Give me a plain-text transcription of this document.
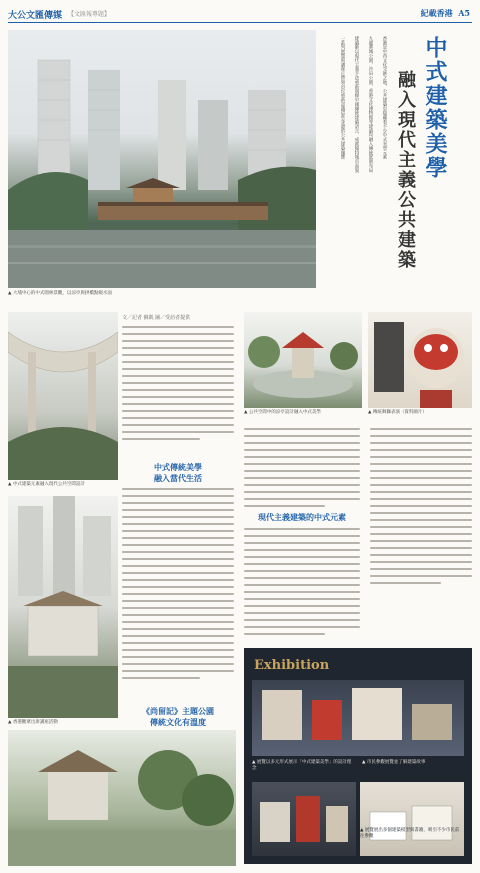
大公文匯傳媒 【文匯報專題】	紀載香港 A5
▲ 大埔中心的中式園林景觀，以涼亭與拱橋點綴水面
中式建築美學
融入現代主義公共建築
香港是中西文化交匯之地，公共建築中隱藏着不少中式美學元素
九龍寨城公園、沙田公園、香港文化博物館等建築均融入傳統庭園布局
建築師以現代主義手法重新演繹中國傳統建築語言，成就獨特城市面貌
一系列展覽與講座正帶領市民重新認識這些身邊的公共建築瑰寶
▲ 中式建築元素融入現代公共空間設計
▲ 香港觀眾出席講座活動
文／記者 蘇凱 圖／受訪者提供
中式傳統美學
融入當代生活
《尚留記》主題公園
傳統文化有溫度
▲ 公共空間中的涼亭設計融入中式美學	▲ 傳統舞獅表演（資料圖片）
現代主義建築的中式元素
Exhibition
▲ 展覽以多元形式展示「中式建築美學」的設計理念
▲ 市民參觀展覽並了解建築故事
▲ 展覽展出多個建築模型與書籍，吸引不少市民前往參觀
